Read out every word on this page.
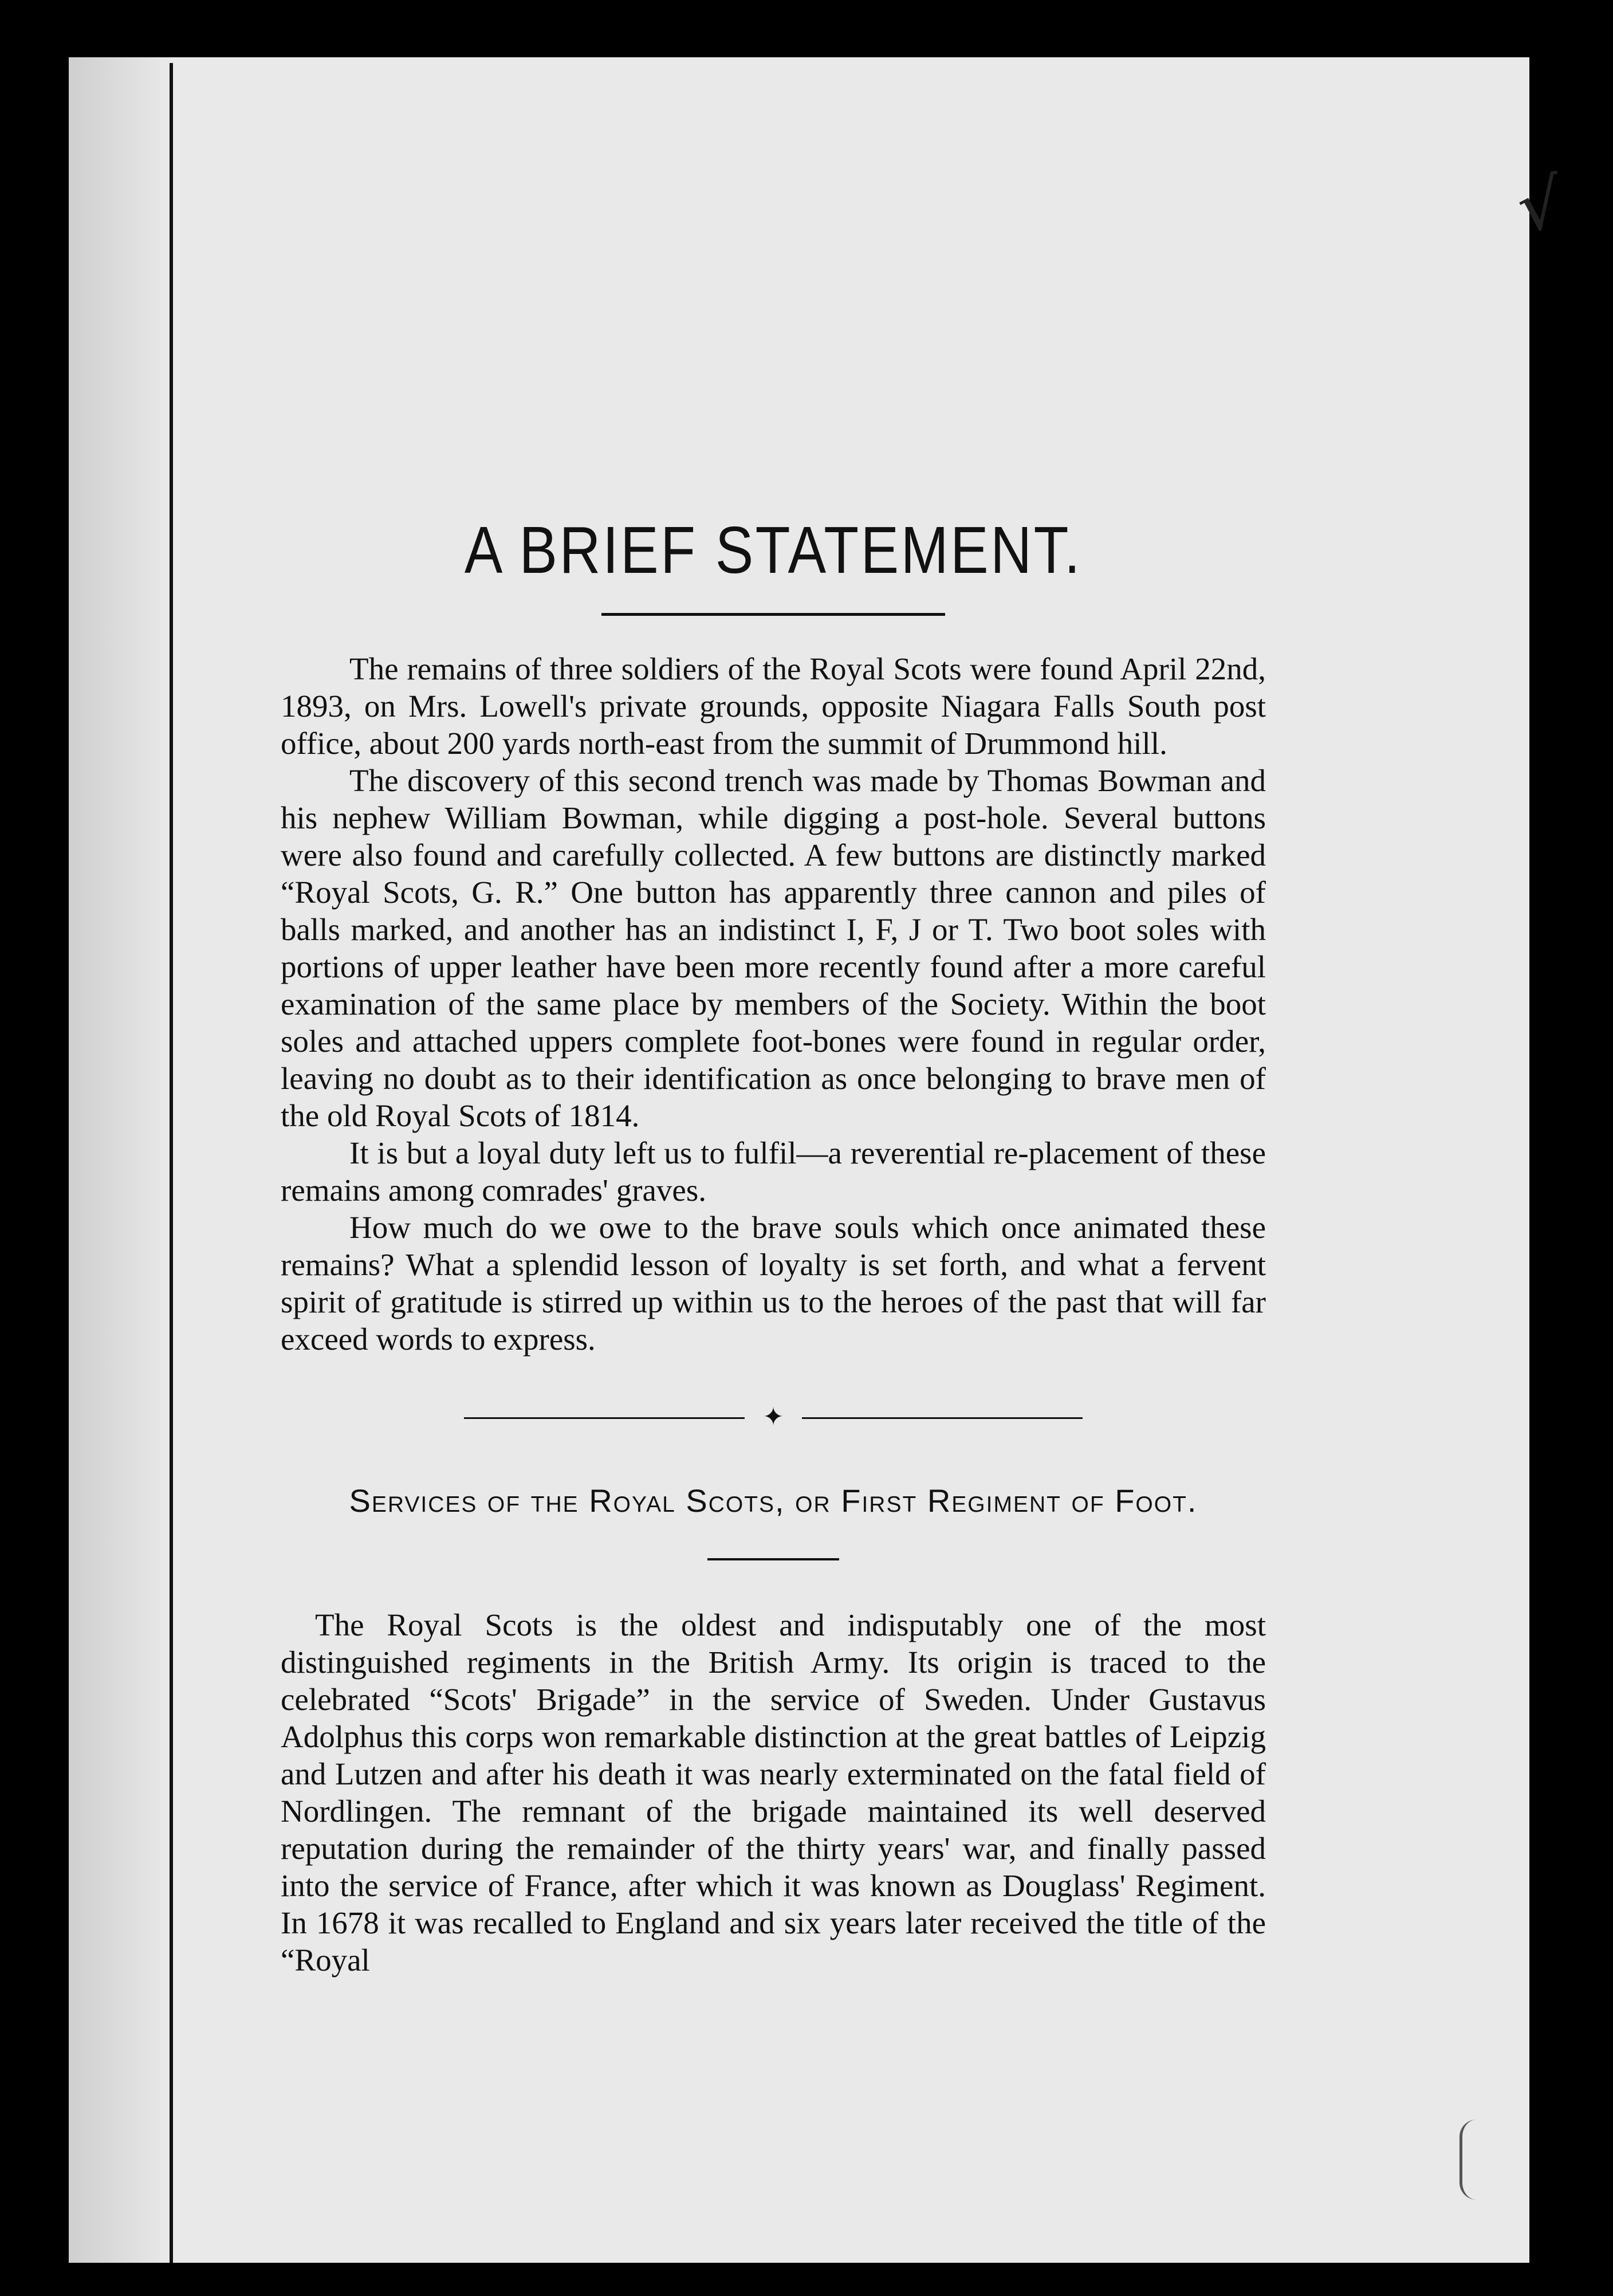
√
A BRIEF STATEMENT.

The remains of three soldiers of the Royal Scots were found April 22nd, 1893, on Mrs. Lowell's private grounds, opposite Niagara Falls South post office, about 200 yards north-east from the summit of Drummond hill.

The discovery of this second trench was made by Thomas Bowman and his nephew William Bowman, while digging a post-hole. Several buttons were also found and carefully collected. A few buttons are distinctly marked “Royal Scots, G. R.” One button has apparently three cannon and piles of balls marked, and another has an indistinct I, F, J or T. Two boot soles with portions of upper leather have been more recently found after a more careful examination of the same place by members of the Society. Within the boot soles and attached uppers complete foot-bones were found in regular order, leaving no doubt as to their identification as once belonging to brave men of the old Royal Scots of 1814.

It is but a loyal duty left us to fulfil—a reverential re-placement of these remains among comrades' graves.

How much do we owe to the brave souls which once animated these remains? What a splendid lesson of loyalty is set forth, and what a fervent spirit of gratitude is stirred up within us to the heroes of the past that will far exceed words to express.

✦
Services of the Royal Scots, or First Regiment of Foot.

The Royal Scots is the oldest and indisputably one of the most distinguished regiments in the British Army. Its origin is traced to the celebrated “Scots' Brigade” in the service of Sweden. Under Gustavus Adolphus this corps won remarkable distinction at the great battles of Leipzig and Lutzen and after his death it was nearly exterminated on the fatal field of Nordlingen. The remnant of the brigade maintained its well deserved reputation during the remainder of the thirty years' war, and finally passed into the service of France, after which it was known as Douglass' Regiment. In 1678 it was recalled to England and six years later received the title of the “Royal
